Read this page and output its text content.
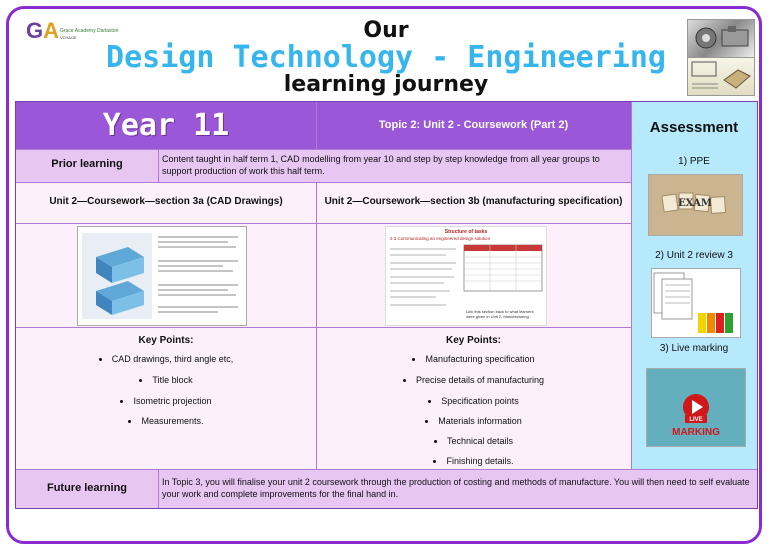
GA Grace Academy Darlaston
VOYAGE	Our
Design Technology - Engineering
learning journey
Year 11	Topic 2: Unit 2 - Coursework (Part 2)	Assessment
1) PPE
EXAM
2) Unit 2 review 3
3) Live marking
LIVE
MARKING
Prior learning	Content taught in half term 1, CAD modelling from year 10 and step by step knowledge from all year groups to support production of work this half term.
Unit 2—Coursework—section 3a (CAD Drawings)	Unit 2—Coursework—section 3b (manufacturing specification)
Structure of tasks
2.3 Communicating an engineered design solution
Link this section back to what learners were given in Unit 2, Manufacturing
Key Points:
• CAD drawings, third angle etc,
• Title block
• Isometric projection
• Measurements.
Key Points:
• Manufacturing specification
• Precise details of manufacturing
• Specification points
• Materials information
• Technical details
• Finishing details.
Future learning	In Topic 3, you will finalise your unit 2 coursework through the production of costing and methods of manufacture. You will then need to self evaluate your work and complete improvements for the final hand in.
